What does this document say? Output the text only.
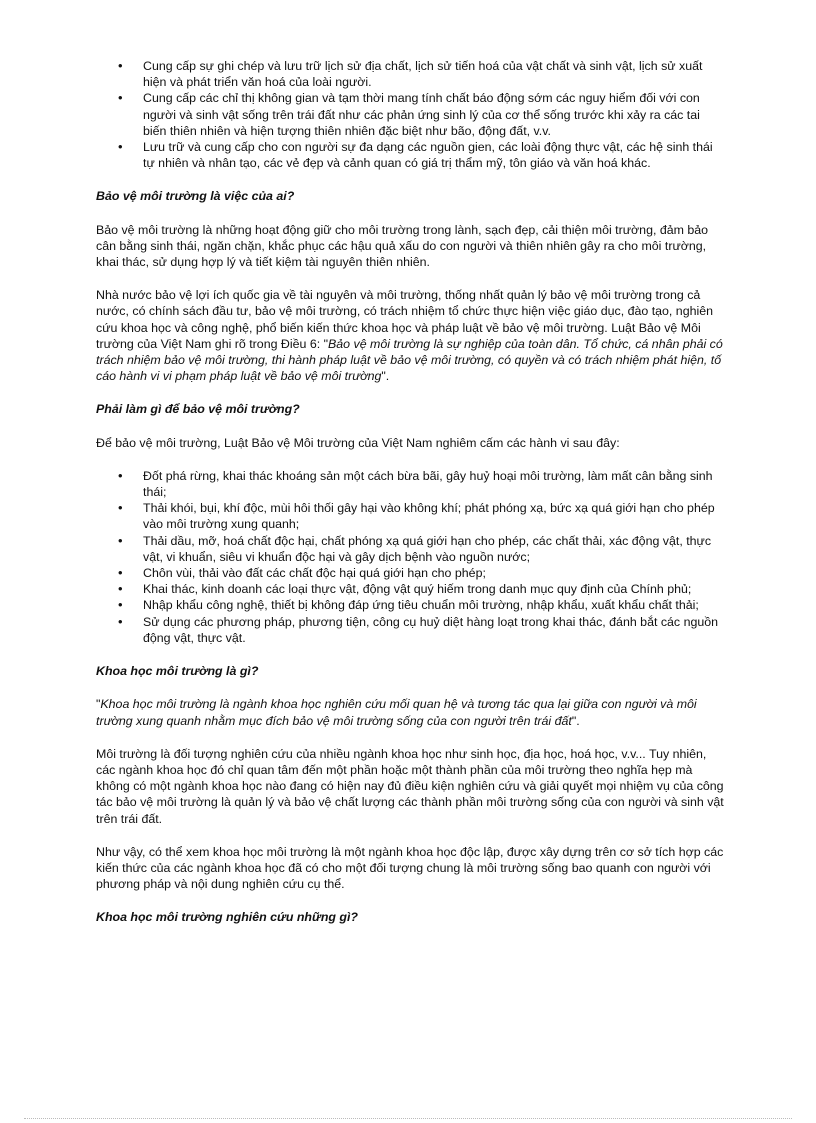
• Cung cấp sự ghi chép và lưu trữ lịch sử địa chất, lịch sử tiến hoá của vật chất và sinh vật, lịch sử xuất hiện và phát triển văn hoá của loài người.
• Cung cấp các chỉ thị không gian và tạm thời mang tính chất báo động sớm các nguy hiểm đối với con người và sinh vật sống trên trái đất như các phản ứng sinh lý của cơ thể sống trước khi xảy ra các tai biến thiên nhiên và hiện tượng thiên nhiên đặc biệt như bão, động đất, v.v.
• Lưu trữ và cung cấp cho con người sự đa dạng các nguồn gien, các loài động thực vật, các hệ sinh thái tự nhiên và nhân tạo, các vẻ đẹp và cảnh quan có giá trị thẩm mỹ, tôn giáo và văn hoá khác.

Bảo vệ môi trường là việc của ai?

Bảo vệ môi trường là những hoạt động giữ cho môi trường trong lành, sạch đẹp, cải thiện môi trường, đảm bảo cân bằng sinh thái, ngăn chặn, khắc phục các hậu quả xấu do con người và thiên nhiên gây ra cho môi trường, khai thác, sử dụng hợp lý và tiết kiệm tài nguyên thiên nhiên.

Nhà nước bảo vệ lợi ích quốc gia về tài nguyên và môi trường, thống nhất quản lý bảo vệ môi trường trong cả nước, có chính sách đầu tư, bảo vệ môi trường, có trách nhiệm tổ chức thực hiện việc giáo dục, đào tạo, nghiên cứu khoa học và công nghệ, phổ biến kiến thức khoa học và pháp luật về bảo vệ môi trường. Luật Bảo vệ Môi trường của Việt Nam ghi rõ trong Điều 6: "Bảo vệ môi trường là sự nghiệp của toàn dân. Tổ chức, cá nhân phải có trách nhiệm bảo vệ môi trường, thi hành pháp luật về bảo vệ môi trường, có quyền và có trách nhiệm phát hiện, tố cáo hành vi vi phạm pháp luật về bảo vệ môi trường".

Phải làm gì để bảo vệ môi trường?

Để bảo vệ môi trường, Luật Bảo vệ Môi trường của Việt Nam nghiêm cấm các hành vi sau đây:

• Đốt phá rừng, khai thác khoáng sản một cách bừa bãi, gây huỷ hoại môi trường, làm mất cân bằng sinh thái;
• Thải khói, bụi, khí độc, mùi hôi thối gây hại vào không khí; phát phóng xạ, bức xạ quá giới hạn cho phép vào môi trường xung quanh;
• Thải dầu, mỡ, hoá chất độc hại, chất phóng xạ quá giới hạn cho phép, các chất thải, xác động vật, thực vật, vi khuẩn, siêu vi khuẩn độc hại và gây dịch bệnh vào nguồn nước;
• Chôn vùi, thải vào đất các chất độc hại quá giới hạn cho phép;
• Khai thác, kinh doanh các loại thực vật, động vật quý hiếm trong danh mục quy định của Chính phủ;
• Nhập khẩu công nghệ, thiết bị không đáp ứng tiêu chuẩn môi trường, nhập khẩu, xuất khẩu chất thải;
• Sử dụng các phương pháp, phương tiện, công cụ huỷ diệt hàng loạt trong khai thác, đánh bắt các nguồn động vật, thực vật.

Khoa học môi trường là gì?

"Khoa học môi trường là ngành khoa học nghiên cứu mối quan hệ và tương tác qua lại giữa con người và môi trường xung quanh nhằm mục đích bảo vệ môi trường sống của con người trên trái đất".

Môi trường là đối tượng nghiên cứu của nhiều ngành khoa học như sinh học, địa học, hoá học, v.v... Tuy nhiên, các ngành khoa học đó chỉ quan tâm đến một phần hoặc một thành phần của môi trường theo nghĩa hẹp mà không có một ngành khoa học nào đang có hiện nay đủ điều kiện nghiên cứu và giải quyết mọi nhiệm vụ của công tác bảo vệ môi trường là quản lý và bảo vệ chất lượng các thành phần môi trường sống của con người và sinh vật trên trái đất.

Như vậy, có thể xem khoa học môi trường là một ngành khoa học độc lập, được xây dựng trên cơ sở tích hợp các kiến thức của các ngành khoa học đã có cho một đối tượng chung là môi trường sống bao quanh con người với phương pháp và nội dung nghiên cứu cụ thể.

Khoa học môi trường nghiên cứu những gì?
